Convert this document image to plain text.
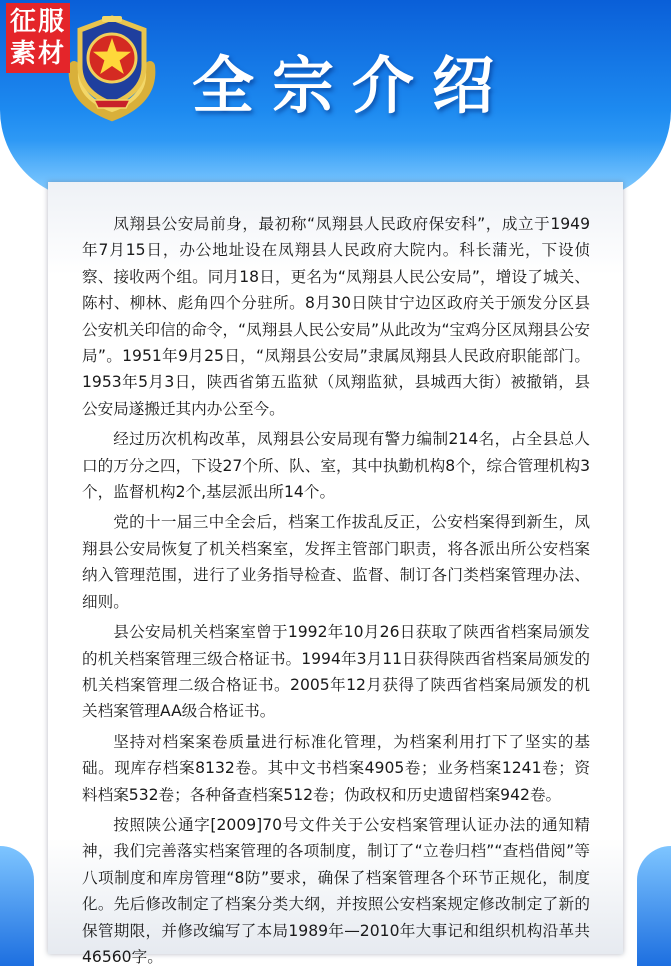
征服
素材 全宗介绍

凤翔县公安局前身，最初称“凤翔县人民政府保安科”，成立于1949年7月15日，办公地址设在凤翔县人民政府大院内。科长蒲光，下设侦察、接收两个组。同月18日，更名为“凤翔县人民公安局”，增设了城关、陈村、柳林、彪角四个分驻所。8月30日陕甘宁边区政府关于颁发分区县公安机关印信的命令，“凤翔县人民公安局”从此改为“宝鸡分区凤翔县公安局”。1951年9月25日，“凤翔县公安局”隶属凤翔县人民政府职能部门。1953年5月3日，陕西省第五监狱（凤翔监狱，县城西大街）被撤销，县公安局遂搬迁其内办公至今。

经过历次机构改革，凤翔县公安局现有警力编制214名，占全县总人口的万分之四，下设27个所、队、室，其中执勤机构8个，综合管理机构3个，监督机构2个,基层派出所14个。

党的十一届三中全会后，档案工作拔乱反正，公安档案得到新生，凤翔县公安局恢复了机关档案室，发挥主管部门职责，将各派出所公安档案纳入管理范围，进行了业务指导检查、监督、制订各门类档案管理办法、细则。

县公安局机关档案室曾于1992年10月26日获取了陕西省档案局颁发的机关档案管理三级合格证书。1994年3月11日获得陕西省档案局颁发的机关档案管理二级合格证书。2005年12月获得了陕西省档案局颁发的机关档案管理AA级合格证书。

坚持对档案案卷质量进行标准化管理，为档案利用打下了坚实的基础。现库存档案8132卷。其中文书档案4905卷；业务档案1241卷；资料档案532卷；各种备查档案512卷；伪政权和历史遗留档案942卷。

按照陕公通字[2009]70号文件关于公安档案管理认证办法的通知精神，我们完善落实档案管理的各项制度，制订了“立卷归档”“查档借阅”等八项制度和库房管理“8防”要求，确保了档案管理各个环节正规化，制度化。先后修改制定了档案分类大纲，并按照公安档案规定修改制定了新的保管期限，并修改编写了本局1989年—2010年大事记和组织机构沿革共46560字。
